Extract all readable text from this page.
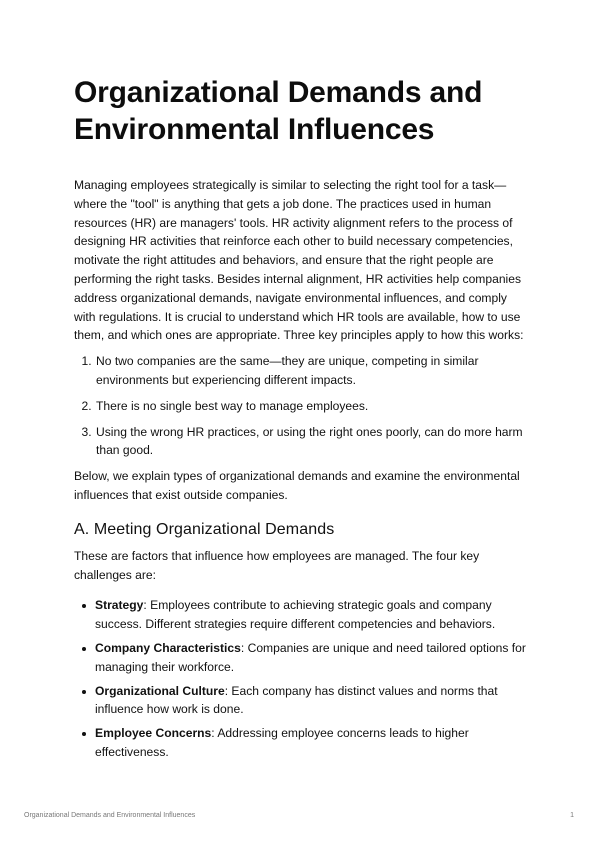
Organizational Demands and Environmental Influences

Managing employees strategically is similar to selecting the right tool for a task—where the "tool" is anything that gets a job done. The practices used in human resources (HR) are managers' tools. HR activity alignment refers to the process of designing HR activities that reinforce each other to build necessary competencies, motivate the right attitudes and behaviors, and ensure that the right people are performing the right tasks. Besides internal alignment, HR activities help companies address organizational demands, navigate environmental influences, and comply with regulations. It is crucial to understand which HR tools are available, how to use them, and which ones are appropriate. Three key principles apply to how this works:

1. No two companies are the same—they are unique, competing in similar environments but experiencing different impacts.
2. There is no single best way to manage employees.
3. Using the wrong HR practices, or using the right ones poorly, can do more harm than good.

Below, we explain types of organizational demands and examine the environmental influences that exist outside companies.

A. Meeting Organizational Demands

These are factors that influence how employees are managed. The four key challenges are:

Strategy: Employees contribute to achieving strategic goals and company success. Different strategies require different competencies and behaviors.
Company Characteristics: Companies are unique and need tailored options for managing their workforce.
Organizational Culture: Each company has distinct values and norms that influence how work is done.
Employee Concerns: Addressing employee concerns leads to higher effectiveness.
Organizational Demands and Environmental Influences	1
